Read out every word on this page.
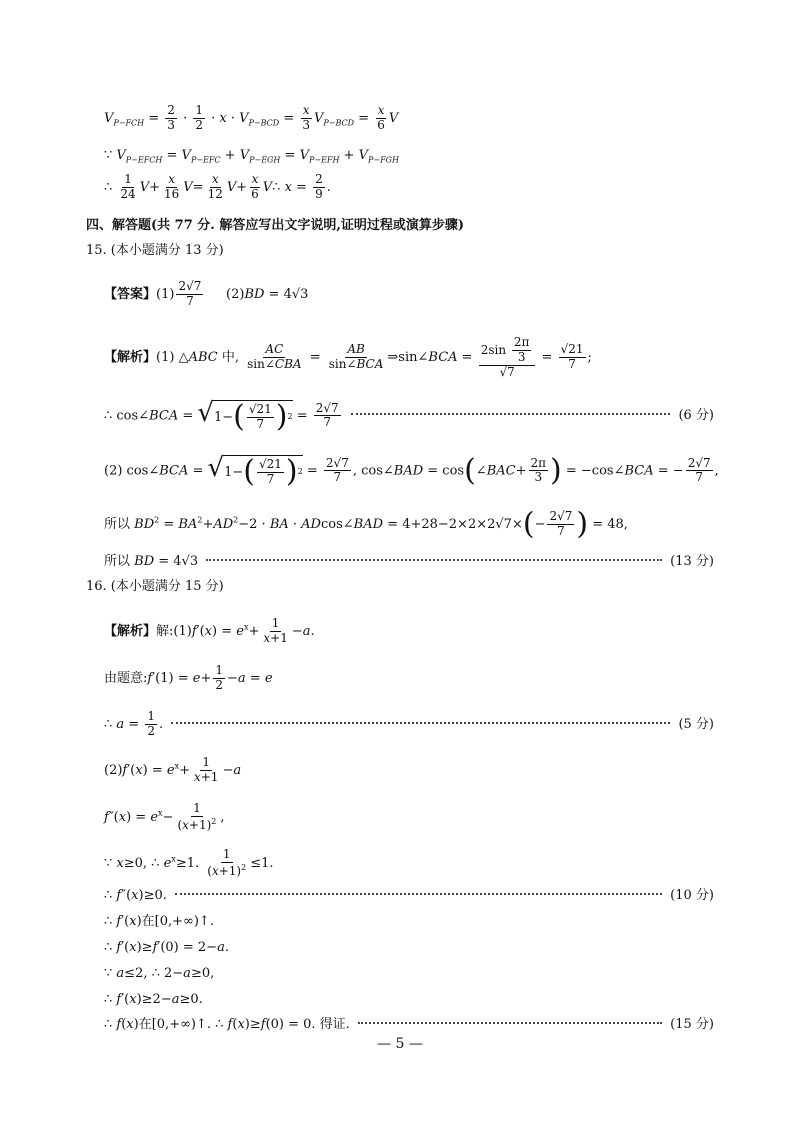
$V_{P-FCH} = \frac{2}{3} \cdot \frac{1}{2} \cdot x \cdot V_{P-BCD} = \frac{x}{3} V_{P-BCD} = \frac{x}{6}$ V
∵ $V_{P-EFCH} = V_{P-EFC} + V_{P-EGH} = V_{P-EFH} + V_{P-FGH}$
∴ $\frac{1}{24} V+ \frac{x}{16} V= \frac{x}{12} V+ \frac{x}{6}$ V∴ $x = \frac{2}{9}$ .
四、解答题(共 77 分. 解答应写出文字说明,证明过程或演算步骤)
15. (本小题满分 13 分)
【答案】$(1) \frac{2√7}{7} (2)BD = 4√3$
【解析】(1) △ABC 中, $\frac{AC}{\text{sin∠CBA}} = \frac{AB}{\text{sin∠BCA}}$ ⇒sin∠BCA = $\frac{2\sin \frac{2\pi}{3}}{√7} = \frac{√21}{7}$ ;
∴ cos∠BCA = √ 1− ( $\frac{√21}{7}$ ) $2 = \frac{2√7}{7}$	(6 分)
(2) cos∠BCA = √ 1− ( $\frac{√21}{7}$ ) $2 = \frac{2√7}{7}$ , cos∠BAD = cos(∠BAC+ $\frac{2\pi}{3}$ ) = −cos∠BCA = − $\frac{2√7}{7}$ ,
所以 $BD^2 = BA^2+AD^2-2$ · BA · ADcos∠BAD = $4+28-2\times 2\times 2√7\times(- \frac{2√7}{7}$ ) = 48,
所以 BD = 4√3	(13 分)
16. (本小题满分 15 分)
【解析】解:(1)f′(x) = $e^x+ \frac{1}{x+1} -a$.
由题意:f′(1) = $e+ \frac{1}{2} -a = e$
∴ $a = \frac{1}{2}$ .	(5 分)
$(2)f'(x) = e^x+ \frac{1}{x+1} -a$
$f''(x) = e^x- \frac{1}{(x+1)^2}$ ,
∵ x≥0, ∴ $e^x\ge 1$. $\frac{1}{(x+1)^2} \le 1$.
∴ f″(x)≥0.	(10 分)
∴ f′(x)在[0,+∞)↑.
∴ f′(x)≥f′(0) = 2−a.
∵ a≤2, ∴ 2−a≥0,
∴ f′(x)≥2−a≥0.
∴ f(x)在[0,+∞)↑. ∴ f(x)≥f(0) = 0. 得证.	(15 分)
— 5 —
